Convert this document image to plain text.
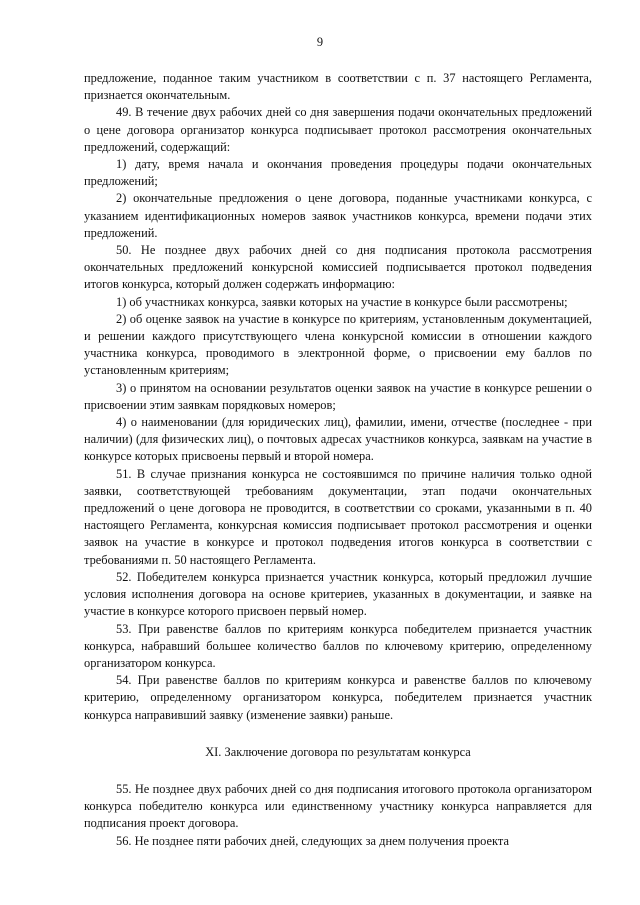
9

предложение, поданное таким участником в соответствии с п. 37 настоящего Регламента, признается окончательным.

49. В течение двух рабочих дней со дня завершения подачи окончательных предложений о цене договора организатор конкурса подписывает протокол рассмотрения окончательных предложений, содержащий:

1) дату, время начала и окончания проведения процедуры подачи окончательных предложений;

2) окончательные предложения о цене договора, поданные участниками конкурса, с указанием идентификационных номеров заявок участников конкурса, времени подачи этих предложений.

50. Не позднее двух рабочих дней со дня подписания протокола рассмотрения окончательных предложений конкурсной комиссией подписывается протокол подведения итогов конкурса, который должен содержать информацию:

1) об участниках конкурса, заявки которых на участие в конкурсе были рассмотрены;

2) об оценке заявок на участие в конкурсе по критериям, установленным документацией, и решении каждого присутствующего члена конкурсной комиссии в отношении каждого участника конкурса, проводимого в электронной форме, о присвоении ему баллов по установленным критериям;

3) о принятом на основании результатов оценки заявок на участие в конкурсе решении о присвоении этим заявкам порядковых номеров;

4) о наименовании (для юридических лиц), фамилии, имени, отчестве (последнее - при наличии) (для физических лиц), о почтовых адресах участников конкурса, заявкам на участие в конкурсе которых присвоены первый и второй номера.

51. В случае признания конкурса не состоявшимся по причине наличия только одной заявки, соответствующей требованиям документации, этап подачи окончательных предложений о цене договора не проводится, в соответствии со сроками, указанными в п. 40 настоящего Регламента, конкурсная комиссия подписывает протокол рассмотрения и оценки заявок на участие в конкурсе и протокол подведения итогов конкурса в соответствии с требованиями п. 50 настоящего Регламента.

52. Победителем конкурса признается участник конкурса, который предложил лучшие условия исполнения договора на основе критериев, указанных в документации, и заявке на участие в конкурсе которого присвоен первый номер.

53. При равенстве баллов по критериям конкурса победителем признается участник конкурса, набравший большее количество баллов по ключевому критерию, определенному организатором конкурса.

54. При равенстве баллов по критериям конкурса и равенстве баллов по ключевому критерию, определенному организатором конкурса, победителем признается участник конкурса направивший заявку (изменение заявки) раньше.

XI. Заключение договора по результатам конкурса

55. Не позднее двух рабочих дней со дня подписания итогового протокола организатором конкурса победителю конкурса или единственному участнику конкурса направляется для подписания проект договора.

56. Не позднее пяти рабочих дней, следующих за днем получения проекта
